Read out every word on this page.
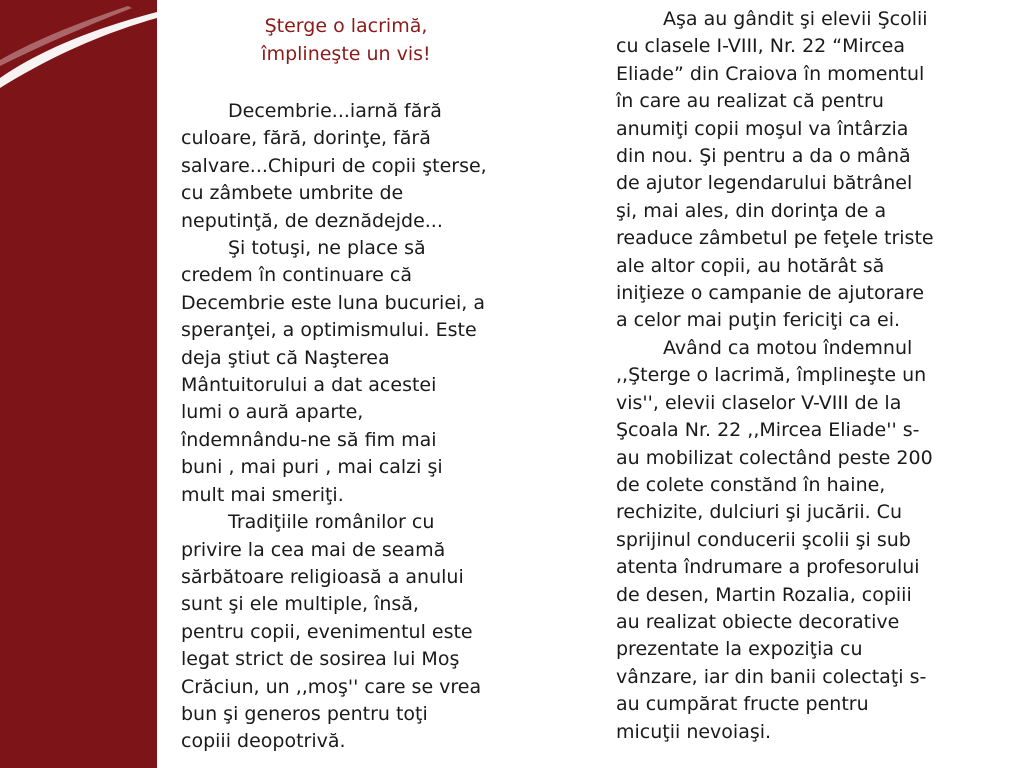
Şterge o lacrimă,

împlineşte un vis!

Decembrie...iarnă fără
culoare, fără, dorinţe, fără
salvare...Chipuri de copii şterse,
cu zâmbete umbrite de
neputinţă, de deznădejde...
Şi totuşi, ne place să
credem în continuare că
Decembrie este luna bucuriei, a
speranţei, a optimismului. Este
deja ştiut că Naşterea
Mântuitorului a dat acestei
lumi o aură aparte,
îndemnându-ne să fim mai
buni , mai puri , mai calzi şi
mult mai smeriţi.
Tradiţiile românilor cu
privire la cea mai de seamă
sărbătoare religioasă a anului
sunt şi ele multiple, însă,
pentru copii, evenimentul este
legat strict de sosirea lui Moş
Crăciun, un ,,moş'' care se vrea
bun şi generos pentru toţi
copiii deopotrivă.
Aşa au gândit şi elevii Şcolii
cu clasele I-VIII, Nr. 22 “Mircea
Eliade” din Craiova în momentul
în care au realizat că pentru
anumiţi copii moşul va întârzia
din nou. Şi pentru a da o mână
de ajutor legendarului bătrânel
şi, mai ales, din dorinţa de a
readuce zâmbetul pe feţele triste
ale altor copii, au hotărât să
iniţieze o campanie de ajutorare
a celor mai puţin fericiţi ca ei.
Având ca motou îndemnul
,,Şterge o lacrimă, împlineşte un
vis'', elevii claselor V-VIII de la
Şcoala Nr. 22 ,,Mircea Eliade'' s-
au mobilizat colectând peste 200
de colete constănd în haine,
rechizite, dulciuri şi jucării. Cu
sprijinul conducerii şcolii şi sub
atenta îndrumare a profesorului
de desen, Martin Rozalia, copiii
au realizat obiecte decorative
prezentate la expoziţia cu
vânzare, iar din banii colectaţi s-
au cumpărat fructe pentru
micuţii nevoiaşi.
